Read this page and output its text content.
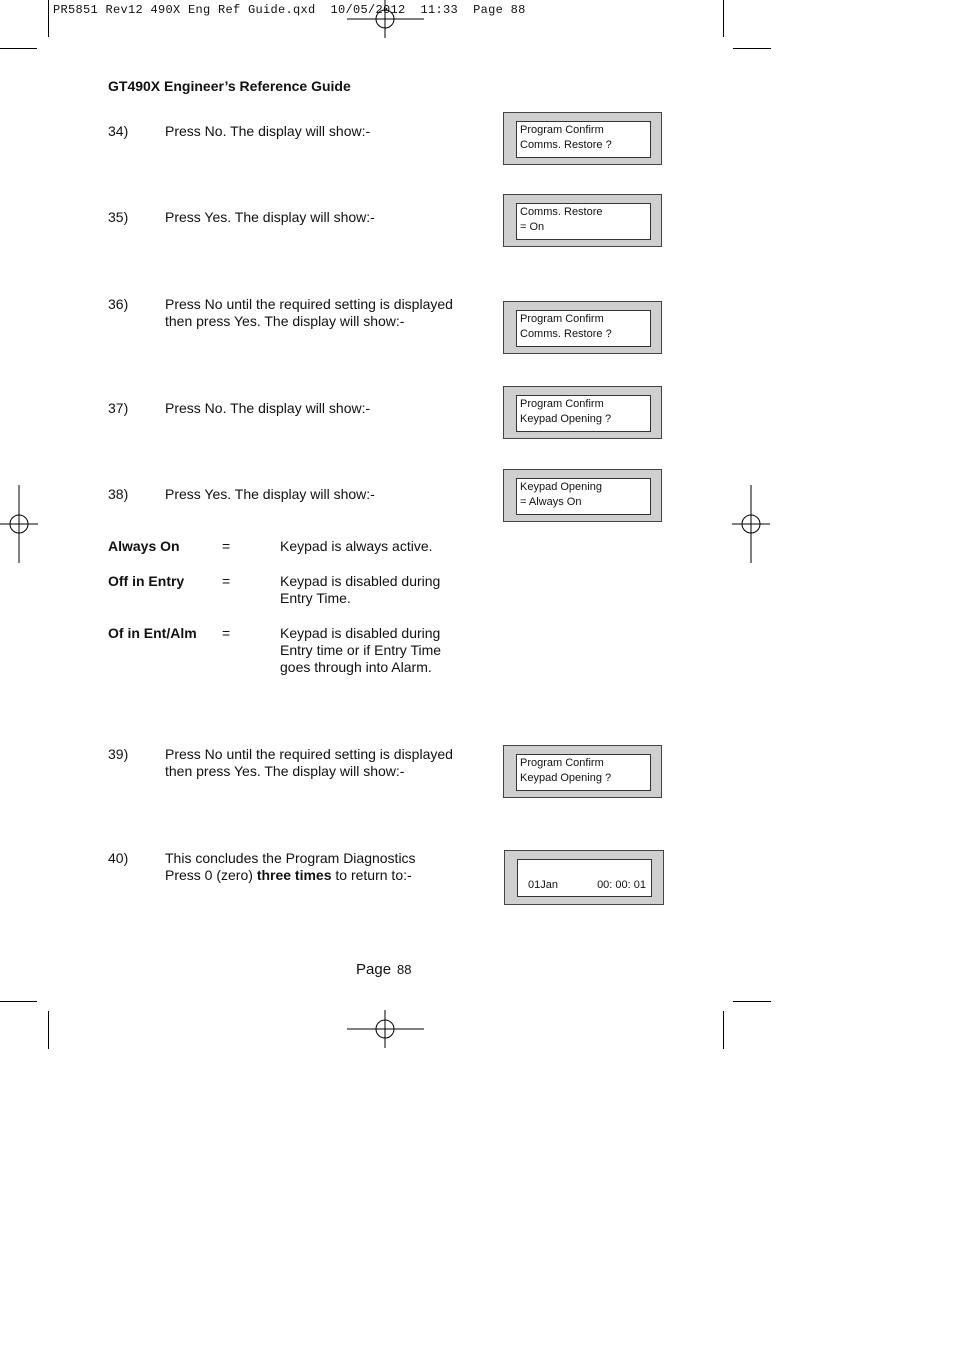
PR5851 Rev12 490X Eng Ref Guide.qxd  10/05/2012  11:33  Page 88
GT490X Engineer’s Reference Guide
34)	Press No. The display will show:-	Program Confirm
Comms. Restore ?
35)	Press Yes. The display will show:-	Comms. Restore
= On
36)	Press No until the required setting is displayed
then press Yes. The display will show:-	Program Confirm
Comms. Restore ?
37)	Press No. The display will show:-	Program Confirm
Keypad Opening ?
38)	Press Yes. The display will show:-	Keypad Opening
= Always On
Always On	=	Keypad is always active.
Off in Entry	=	Keypad is disabled during
Entry Time.
Of in Ent/Alm =	Keypad is disabled during
Entry time or if Entry Time
goes through into Alarm.
39)	Press No until the required setting is displayed
then press Yes. The display will show:-	Program Confirm
Keypad Opening ?
40)	This concludes the Program Diagnostics
Press 0 (zero) three times to return to:-
01Jan	00: 00: 01
Page 88
